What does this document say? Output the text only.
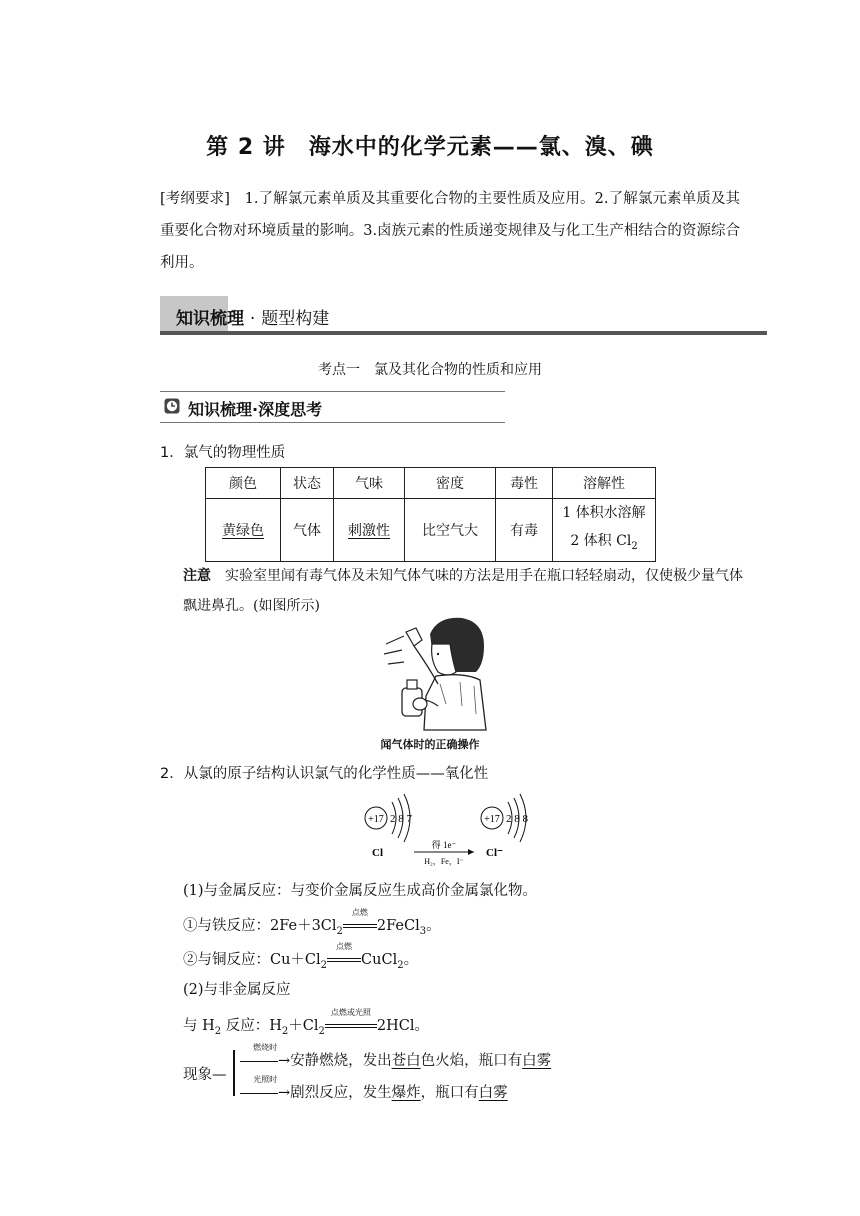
第 2 讲　海水中的化学元素——氯、溴、碘
[考纲要求]　1.了解氯元素单质及其重要化合物的主要性质及应用。2.了解氯元素单质及其重要化合物对环境质量的影响。3.卤族元素的性质递变规律及与化工生产相结合的资源综合利用。
知识梳理 · 题型构建
考点一　氯及其化合物的性质和应用
知识梳理·深度思考
1．氯气的物理性质
颜色	状态	气味	密度	毒性	溶解性
黄绿色	气体	刺激性	比空气大	有毒	1 体积水溶解
2 体积 $Cl_2$
注意　实验室里闻有毒气体及未知气体气味的方法是用手在瓶口轻轻扇动，仅使极少量气体飘进鼻孔。(如图所示)
闻气体时的正确操作
2．从氯的原子结构认识氯气的化学性质——氧化性
+17 2 8 7
Cl
+17 2 8 8
Cl⁻
得 1e⁻
H₂，Fe，I⁻
(1)与金属反应：与变价金属反应生成高价金属氯化物。
①与铁反应：$2Fe+3Cl_2$
点燃
2FeCl$_3$。
②与铜反应：$Cu+Cl_2$
点燃
CuCl$_2$。
(2)与非金属反应
与 $H_2$ 反应：$H_2+Cl_2$
点燃或光照
2HCl。
现象—
燃烧时
→安静燃烧，发出苍白色火焰，瓶口有白雾
光照时
→剧烈反应，发生爆炸，瓶口有白雾
